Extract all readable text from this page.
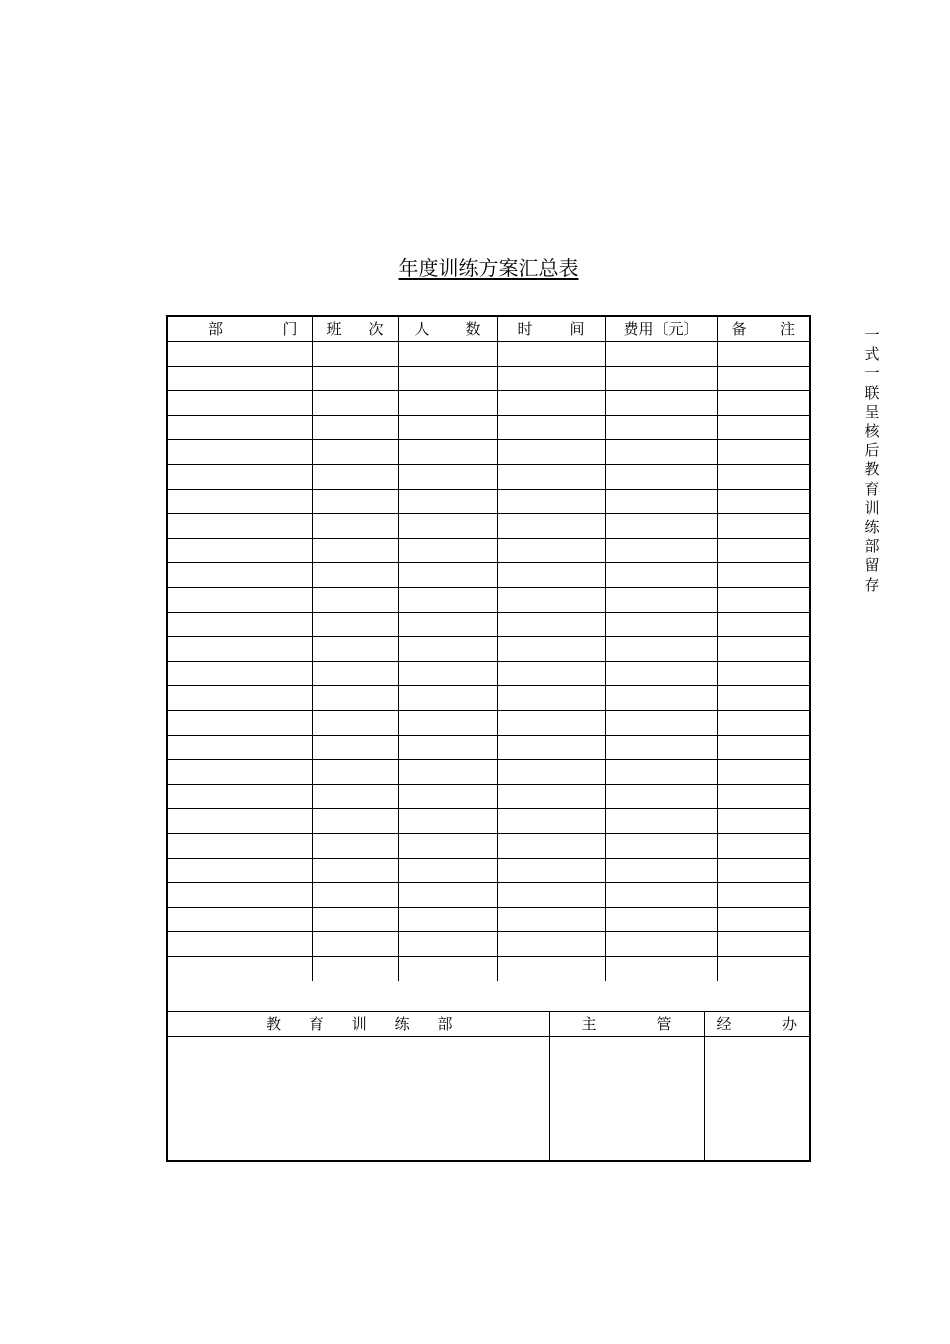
年度训练方案汇总表
部 门	班 次	人 数	时 间	费用〔元〕	备 注

教 育 训 练 部	主 管	经 办

一式一联呈核后教育训练部留存
